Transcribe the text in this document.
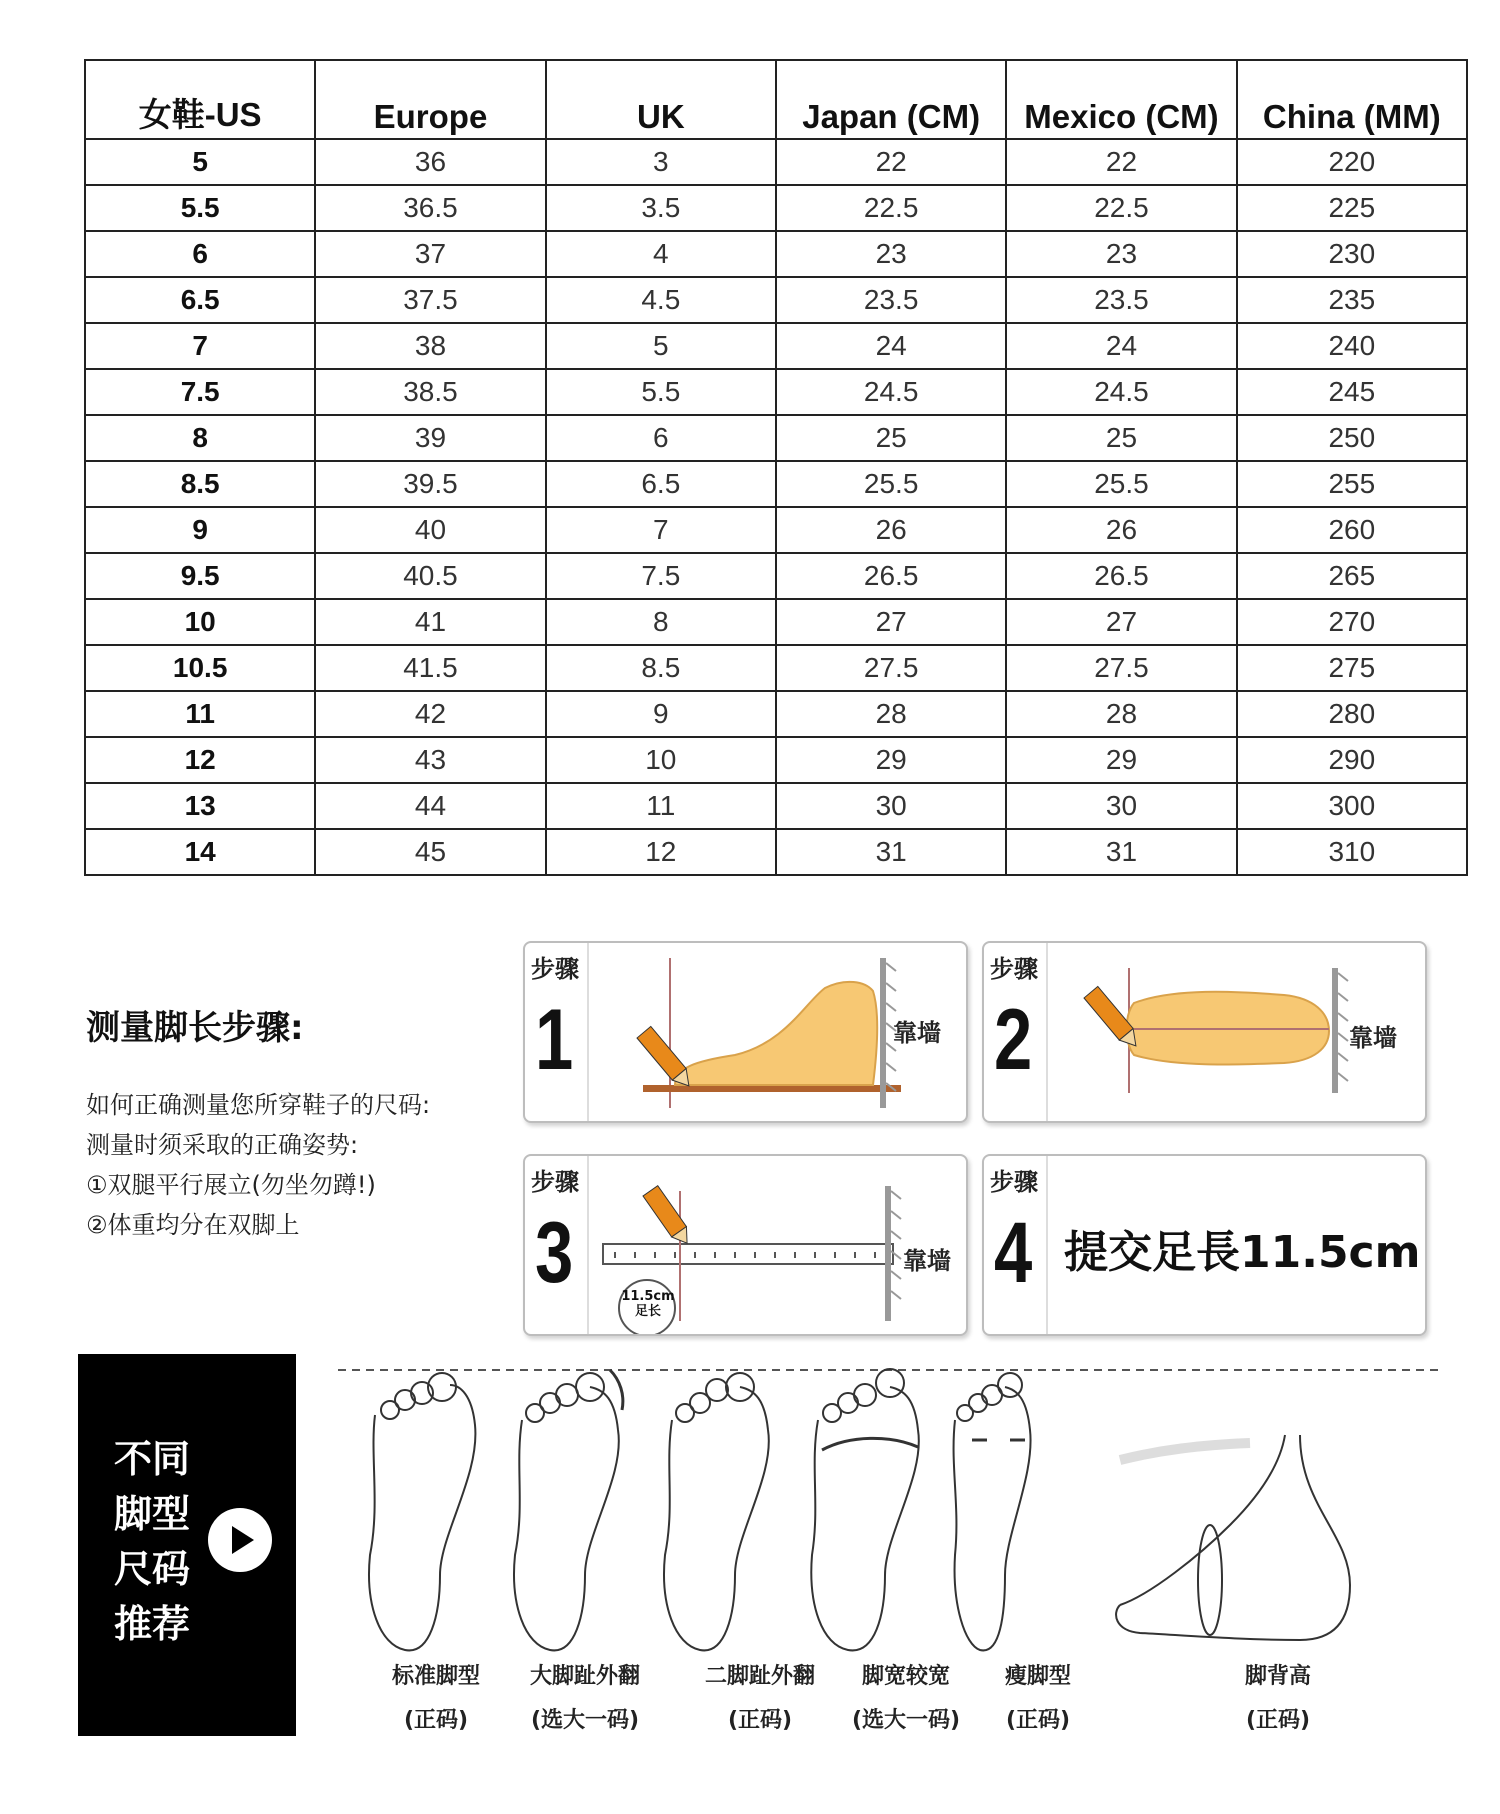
女鞋-US	Europe	UK	Japan (CM)	Mexico (CM)	China (MM)
5	36	3	22	22	220
5.5	36.5	3.5	22.5	22.5	225
6	37	4	23	23	230
6.5	37.5	4.5	23.5	23.5	235
7	38	5	24	24	240
7.5	38.5	5.5	24.5	24.5	245
8	39	6	25	25	250
8.5	39.5	6.5	25.5	25.5	255
9	40	7	26	26	260
9.5	40.5	7.5	26.5	26.5	265
10	41	8	27	27	270
10.5	41.5	8.5	27.5	27.5	275
11	42	9	28	28	280
12	43	10	29	29	290
13	44	11	30	30	300
14	45	12	31	31	310
测量脚长步骤:
如何正确测量您所穿鞋子的尺码:
测量时须采取的正确姿势:
①双腿平行展立(勿坐勿蹲!)
②体重均分在双脚上
步骤
1	靠墙
步骤
2	靠墙
步骤
3	11.5cm
足长
靠墙
步骤
4 提交足長11.5cm
不同
脚型
尺码
推荐
标准脚型
(正码)
大脚趾外翻
(选大一码)
二脚趾外翻
(正码)
脚宽较宽
(选大一码)
瘦脚型
(正码)
脚背高
(正码)
